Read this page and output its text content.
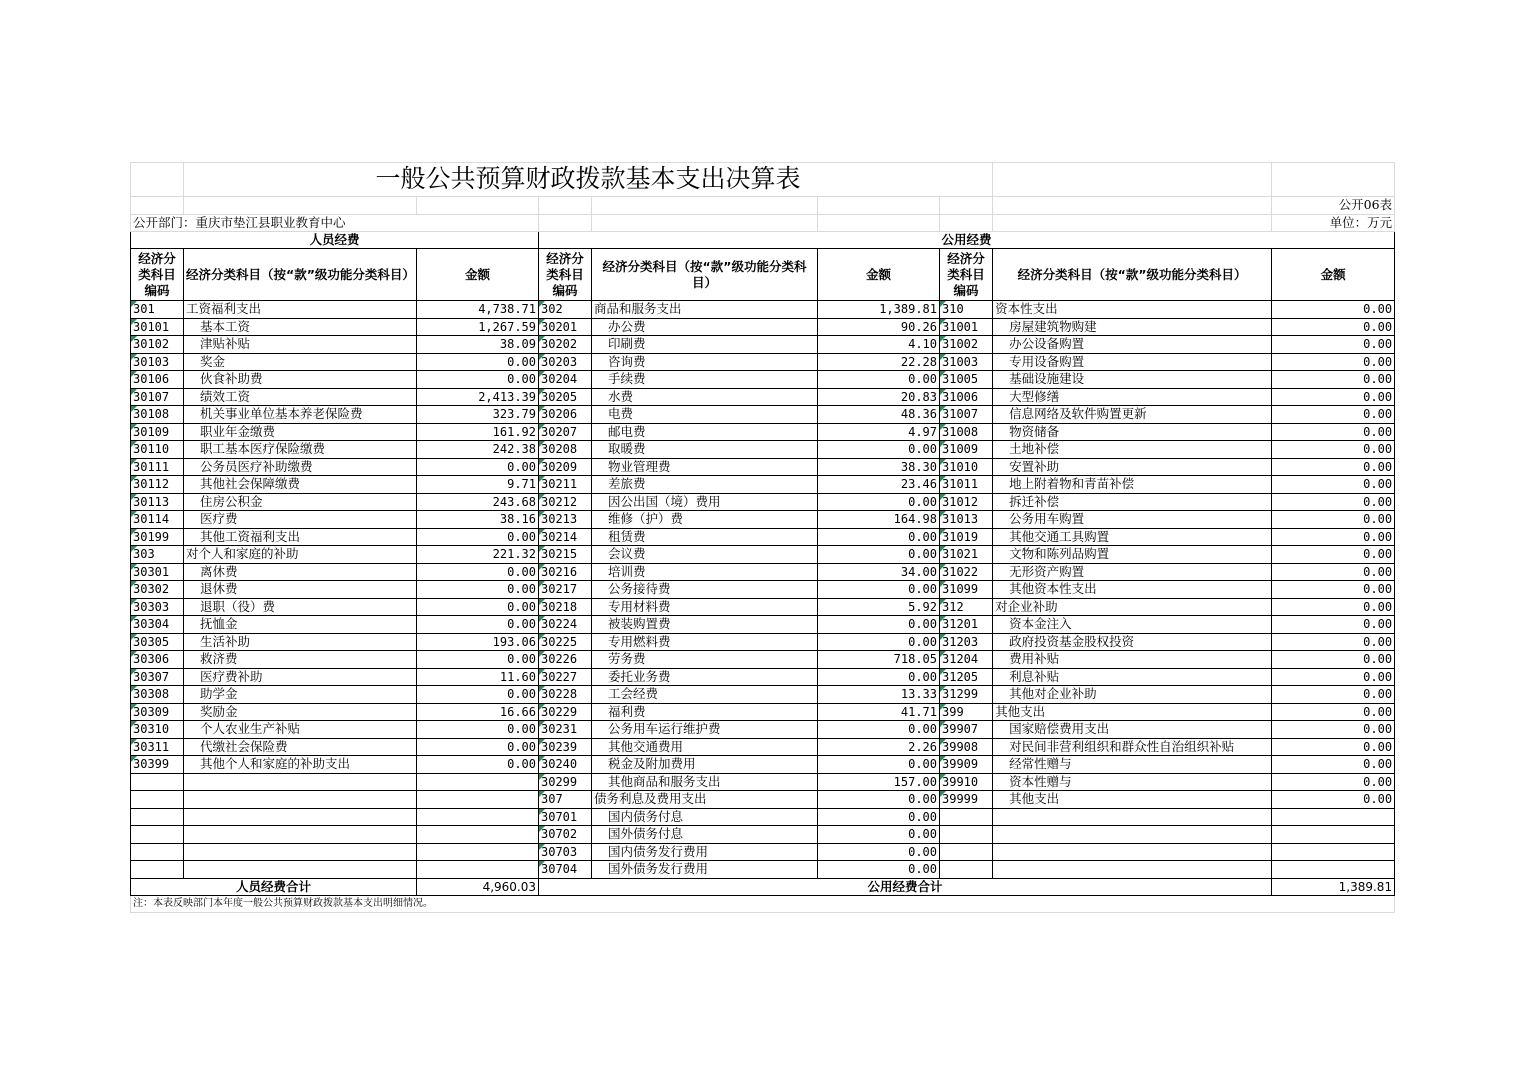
	一般公共预算财政拨款基本支出决算表							
								公开06表
公开部门：重庆市垫江县职业教育中心								单位：万元
人员经费			公用经费					
经济分类科目编码	经济分类科目（按“款”级功能分类科目）	金额	经济分类科目编码	经济分类科目（按“款”级功能分类科目）	金额	经济分类科目编码	经济分类科目（按“款”级功能分类科目）	金额
301	工资福利支出	4,738.71	302	商品和服务支出	1,389.81	310	资本性支出	0.00
30101	基本工资	1,267.59	30201	办公费	90.26	31001	房屋建筑物购建	0.00
30102	津贴补贴	38.09	30202	印刷费	4.10	31002	办公设备购置	0.00
30103	奖金	0.00	30203	咨询费	22.28	31003	专用设备购置	0.00
30106	伙食补助费	0.00	30204	手续费	0.00	31005	基础设施建设	0.00
30107	绩效工资	2,413.39	30205	水费	20.83	31006	大型修缮	0.00
30108	机关事业单位基本养老保险费	323.79	30206	电费	48.36	31007	信息网络及软件购置更新	0.00
30109	职业年金缴费	161.92	30207	邮电费	4.97	31008	物资储备	0.00
30110	职工基本医疗保险缴费	242.38	30208	取暖费	0.00	31009	土地补偿	0.00
30111	公务员医疗补助缴费	0.00	30209	物业管理费	38.30	31010	安置补助	0.00
30112	其他社会保障缴费	9.71	30211	差旅费	23.46	31011	地上附着物和青苗补偿	0.00
30113	住房公积金	243.68	30212	因公出国（境）费用	0.00	31012	拆迁补偿	0.00
30114	医疗费	38.16	30213	维修（护）费	164.98	31013	公务用车购置	0.00
30199	其他工资福利支出	0.00	30214	租赁费	0.00	31019	其他交通工具购置	0.00
303	对个人和家庭的补助	221.32	30215	会议费	0.00	31021	文物和陈列品购置	0.00
30301	离休费	0.00	30216	培训费	34.00	31022	无形资产购置	0.00
30302	退休费	0.00	30217	公务接待费	0.00	31099	其他资本性支出	0.00
30303	退职（役）费	0.00	30218	专用材料费	5.92	312	对企业补助	0.00
30304	抚恤金	0.00	30224	被装购置费	0.00	31201	资本金注入	0.00
30305	生活补助	193.06	30225	专用燃料费	0.00	31203	政府投资基金股权投资	0.00
30306	救济费	0.00	30226	劳务费	718.05	31204	费用补贴	0.00
30307	医疗费补助	11.60	30227	委托业务费	0.00	31205	利息补贴	0.00
30308	助学金	0.00	30228	工会经费	13.33	31299	其他对企业补助	0.00
30309	奖励金	16.66	30229	福利费	41.71	399	其他支出	0.00
30310	个人农业生产补贴	0.00	30231	公务用车运行维护费	0.00	39907	国家赔偿费用支出	0.00
30311	代缴社会保险费	0.00	30239	其他交通费用	2.26	39908	对民间非营利组织和群众性自治组织补贴	0.00
30399	其他个人和家庭的补助支出	0.00	30240	税金及附加费用	0.00	39909	经常性赠与	0.00
			30299	其他商品和服务支出	157.00	39910	资本性赠与	0.00
			307	债务利息及费用支出	0.00	39999	其他支出	0.00
			30701	国内债务付息	0.00			
			30702	国外债务付息	0.00			
			30703	国内债务发行费用	0.00			
			30704	国外债务发行费用	0.00			
人员经费合计		4,960.03	公用经费合计					1,389.81
注：本表反映部门本年度一般公共预算财政拨款基本支出明细情况。								
